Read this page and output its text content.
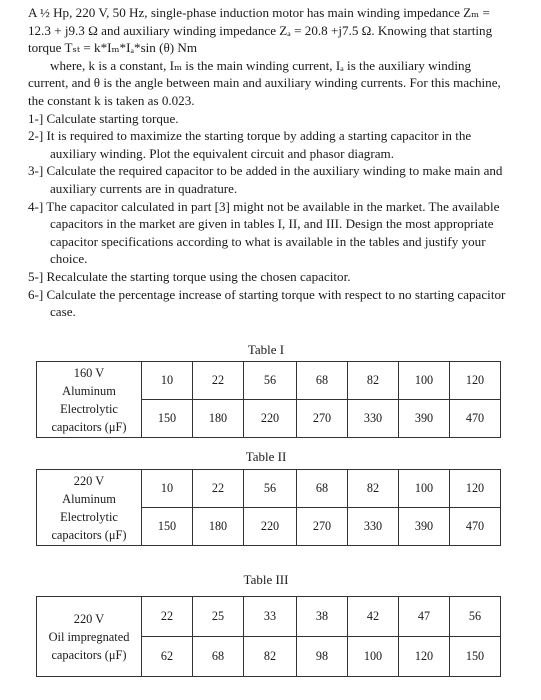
A ½ Hp, 220 V, 50 Hz, single-phase induction motor has main winding impedance Zₘ = 12.3 + j9.3 Ω and auxiliary winding impedance Zₐ = 20.8 +j7.5 Ω. Knowing that starting torque Tₛₜ = k*Iₘ*Iₐ*sin (θ) Nm

where, k is a constant, Iₘ is the main winding current, Iₐ is the auxiliary winding current, and θ is the angle between main and auxiliary winding currents. For this machine, the constant k is taken as 0.023.

1-] Calculate starting torque.

2-] It is required to maximize the starting torque by adding a starting capacitor in the auxiliary winding. Plot the equivalent circuit and phasor diagram.

3-] Calculate the required capacitor to be added in the auxiliary winding to make main and auxiliary currents are in quadrature.

4-] The capacitor calculated in part [3] might not be available in the market. The available capacitors in the market are given in tables I, II, and III. Design the most appropriate capacitor specifications according to what is available in the tables and justify your choice.

5-] Recalculate the starting torque using the chosen capacitor.

6-] Calculate the percentage increase of starting torque with respect to no starting capacitor case.

Table I
160 V
Aluminum
Electrolytic
capacitors (μF)	10	22	56	68	82	100	120
	150	180	220	270	330	390	470
Table II
220 V
Aluminum
Electrolytic
capacitors (μF)	10	22	56	68	82	100	120
	150	180	220	270	330	390	470
Table III
220 V
Oil impregnated
capacitors (μF)	22	25	33	38	42	47	56
	62	68	82	98	100	120	150
